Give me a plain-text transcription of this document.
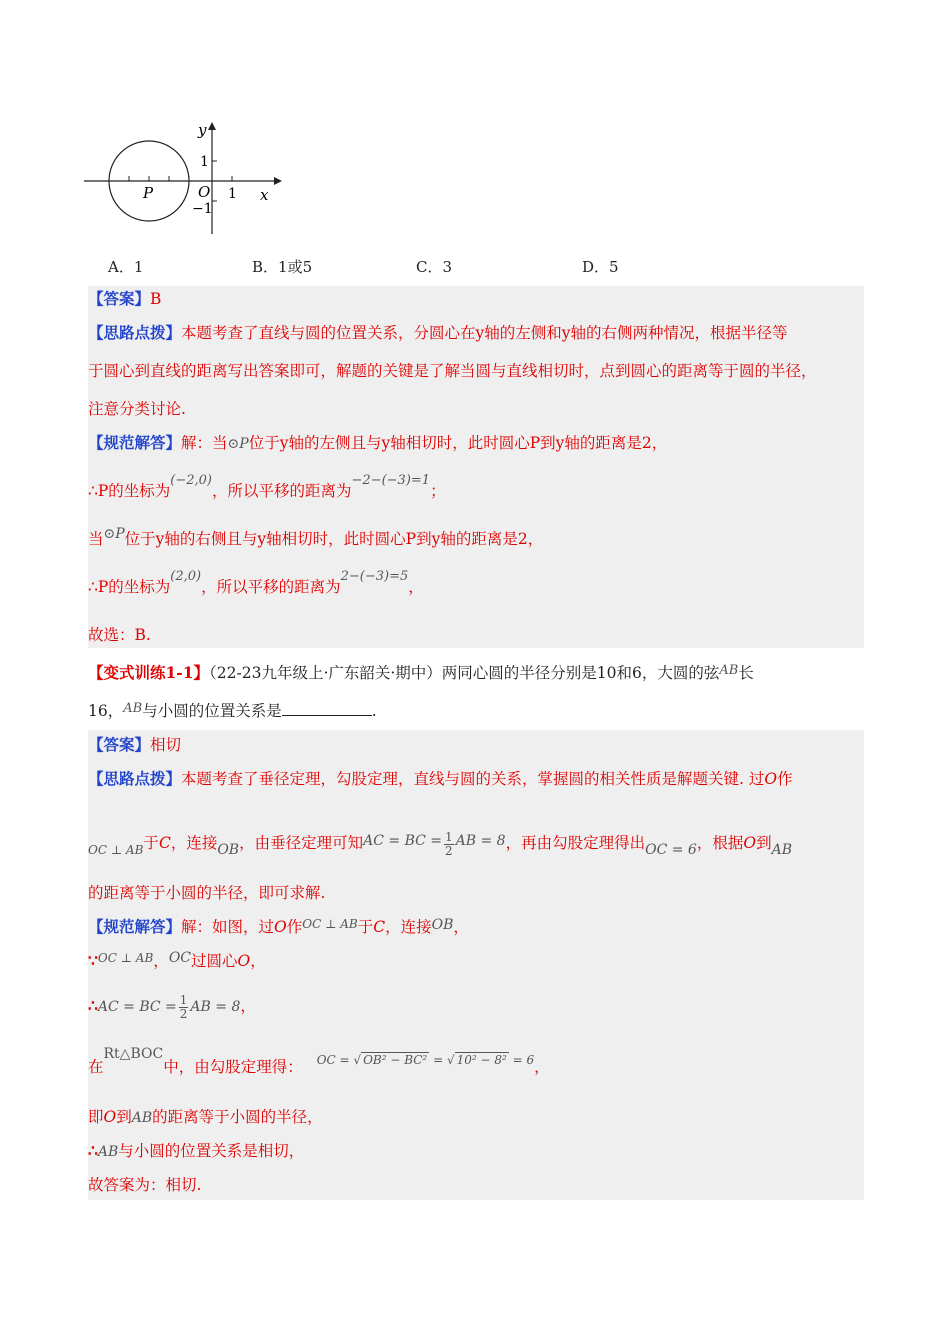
y
x
1
1
−1
O
P
A．1	B．1或5	C．3	D．5
【答案】B
【思路点拨】本题考查了直线与圆的位置关系，分圆心在y轴的左侧和y轴的右侧两种情况，根据半径等
于圆心到直线的距离写出答案即可，解题的关键是了解当圆与直线相切时，点到圆心的距离等于圆的半径，
注意分类讨论.
【规范解答】解：当⊙P位于y轴的左侧且与y轴相切时，此时圆心P到y轴的距离是2，
∴P的坐标为$^{(-2,0)}$，所以平移的距离为$^{-2-(-3)=1}$；
当⊙P位于y轴的右侧且与y轴相切时，此时圆心P到y轴的距离是2，
∴P的坐标为$^{(2,0)}$，所以平移的距离为$^{2-(-3)=5}$，
故选：B.
【变式训练1-1】（22-23九年级上·广东韶关·期中）两同心圆的半径分别是10和6，大圆的弦$^{AB}$长
16，$^{AB}$与小圆的位置关系是	.
【答案】相切
【思路点拨】本题考查了垂径定理，勾股定理，直线与圆的关系，掌握圆的相关性质是解题关键. 过O作
$_{OC \perp AB}$于C，连接OB，由垂径定理可知AC = BC = $\frac{1}{2}$ AB = 8，再由勾股定理得出OC = 6，根据O到AB
的距离等于小圆的半径，即可求解.
【规范解答】解：如图，过O作$^{OC \perp AB}$于C，连接OB，
∵$^{OC \perp AB}$，OC过圆心O，
∴AC = BC = $\frac{1}{2}$ AB = 8，
在Rt△BOC中，由勾股定理得： $^{OC = √ OB^2 - BC^2 = √ 10^2 - 8^2 = 6}$，
即O到AB的距离等于小圆的半径，
∴AB与小圆的位置关系是相切，
故答案为：相切.
